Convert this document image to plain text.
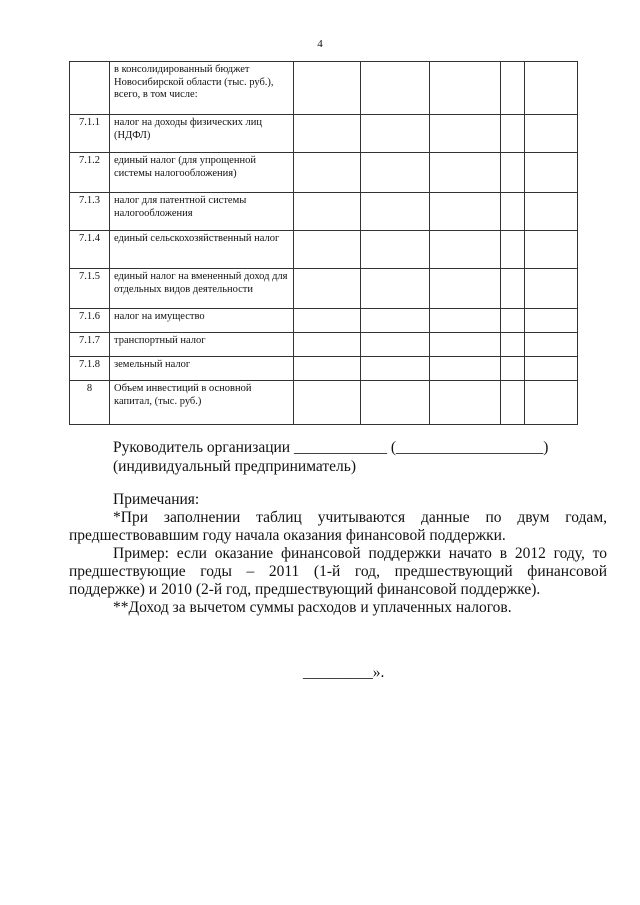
4
	в консолидированный бюджет Новосибирской области (тыс. руб.), всего, в том числе:					
7.1.1	налог на доходы физических лиц (НДФЛ)					
7.1.2	единый налог (для упрощенной системы налогообложения)					
7.1.3	налог для патентной системы налогообложения					
7.1.4	единый сельскохозяйственный налог					
7.1.5	единый налог на вмененный доход для отдельных видов деятельности					
7.1.6	налог на имущество					
7.1.7	транспортный налог					
7.1.8	земельный налог					
8	Объем инвестиций в основной капитал, (тыс. руб.)					
Руководитель организации ____________ (___________________)
(индивидуальный предприниматель)

Примечания:

*При заполнении таблиц учитываются данные по двум годам, предшествовавшим году начала оказания финансовой поддержки.

Пример: если оказание финансовой поддержки начато в 2012 году, то предшествующие годы – 2011 (1-й год, предшествующий финансовой поддержке) и 2010 (2-й год, предшествующий финансовой поддержке).

**Доход за вычетом суммы расходов и уплаченных налогов.

_________».
